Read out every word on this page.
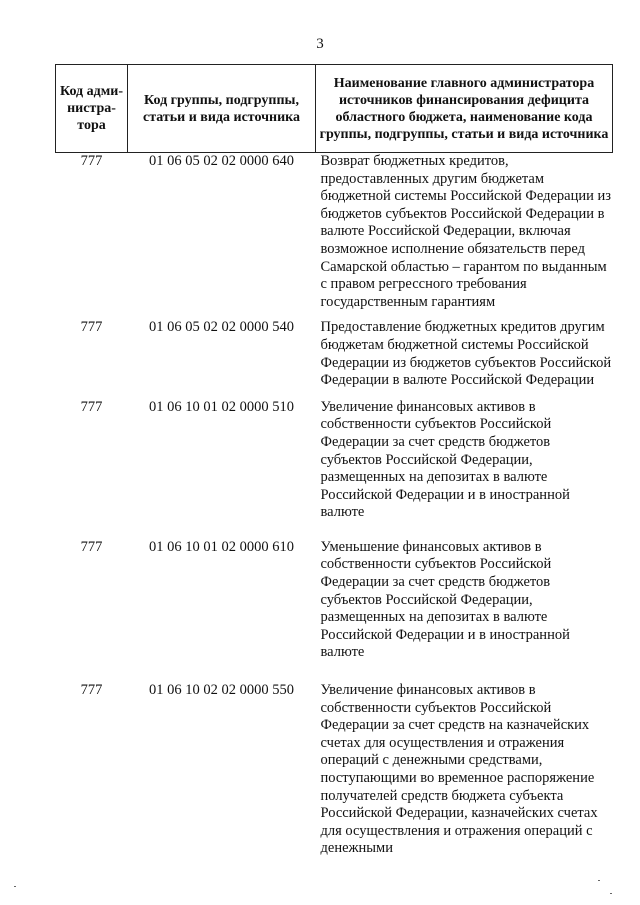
3
Код адми-нистра-тора	Код группы, подгруппы, статьи и вида источника	Наименование главного администратора источников финансирования дефицита областного бюджета, наименование кода группы, подгруппы, статьи и вида источника
777	01 06 05 02 02 0000 640	Возврат бюджетных кредитов, предоставленных другим бюджетам бюджетной системы Российской Федерации из бюджетов субъектов Российской Федерации в валюте Российской Федерации, включая возможное исполнение обязательств перед Самарской областью – гарантом по выданным с правом регрессного требования государственным гарантиям
777	01 06 05 02 02 0000 540	Предоставление бюджетных кредитов другим бюджетам бюджетной системы Российской Федерации из бюджетов субъектов Российской Федерации в валюте Российской Федерации
777	01 06 10 01 02 0000 510	Увеличение финансовых активов в собственности субъектов Российской Федерации за счет средств бюджетов субъектов Российской Федерации, размещенных на депозитах в валюте Российской Федерации и в иностранной валюте
777	01 06 10 01 02 0000 610	Уменьшение финансовых активов в собственности субъектов Российской Федерации за счет средств бюджетов субъектов Российской Федерации, размещенных на депозитах в валюте Российской Федерации и в иностранной валюте
777	01 06 10 02 02 0000 550	Увеличение финансовых активов в собственности субъектов Российской Федерации за счет средств на казначейских счетах для осуществления и отражения операций с денежными средствами, поступающими во временное распоряжение получателей средств бюджета субъекта Российской Федерации, казначейских счетах для осуществления и отражения операций с денежными
